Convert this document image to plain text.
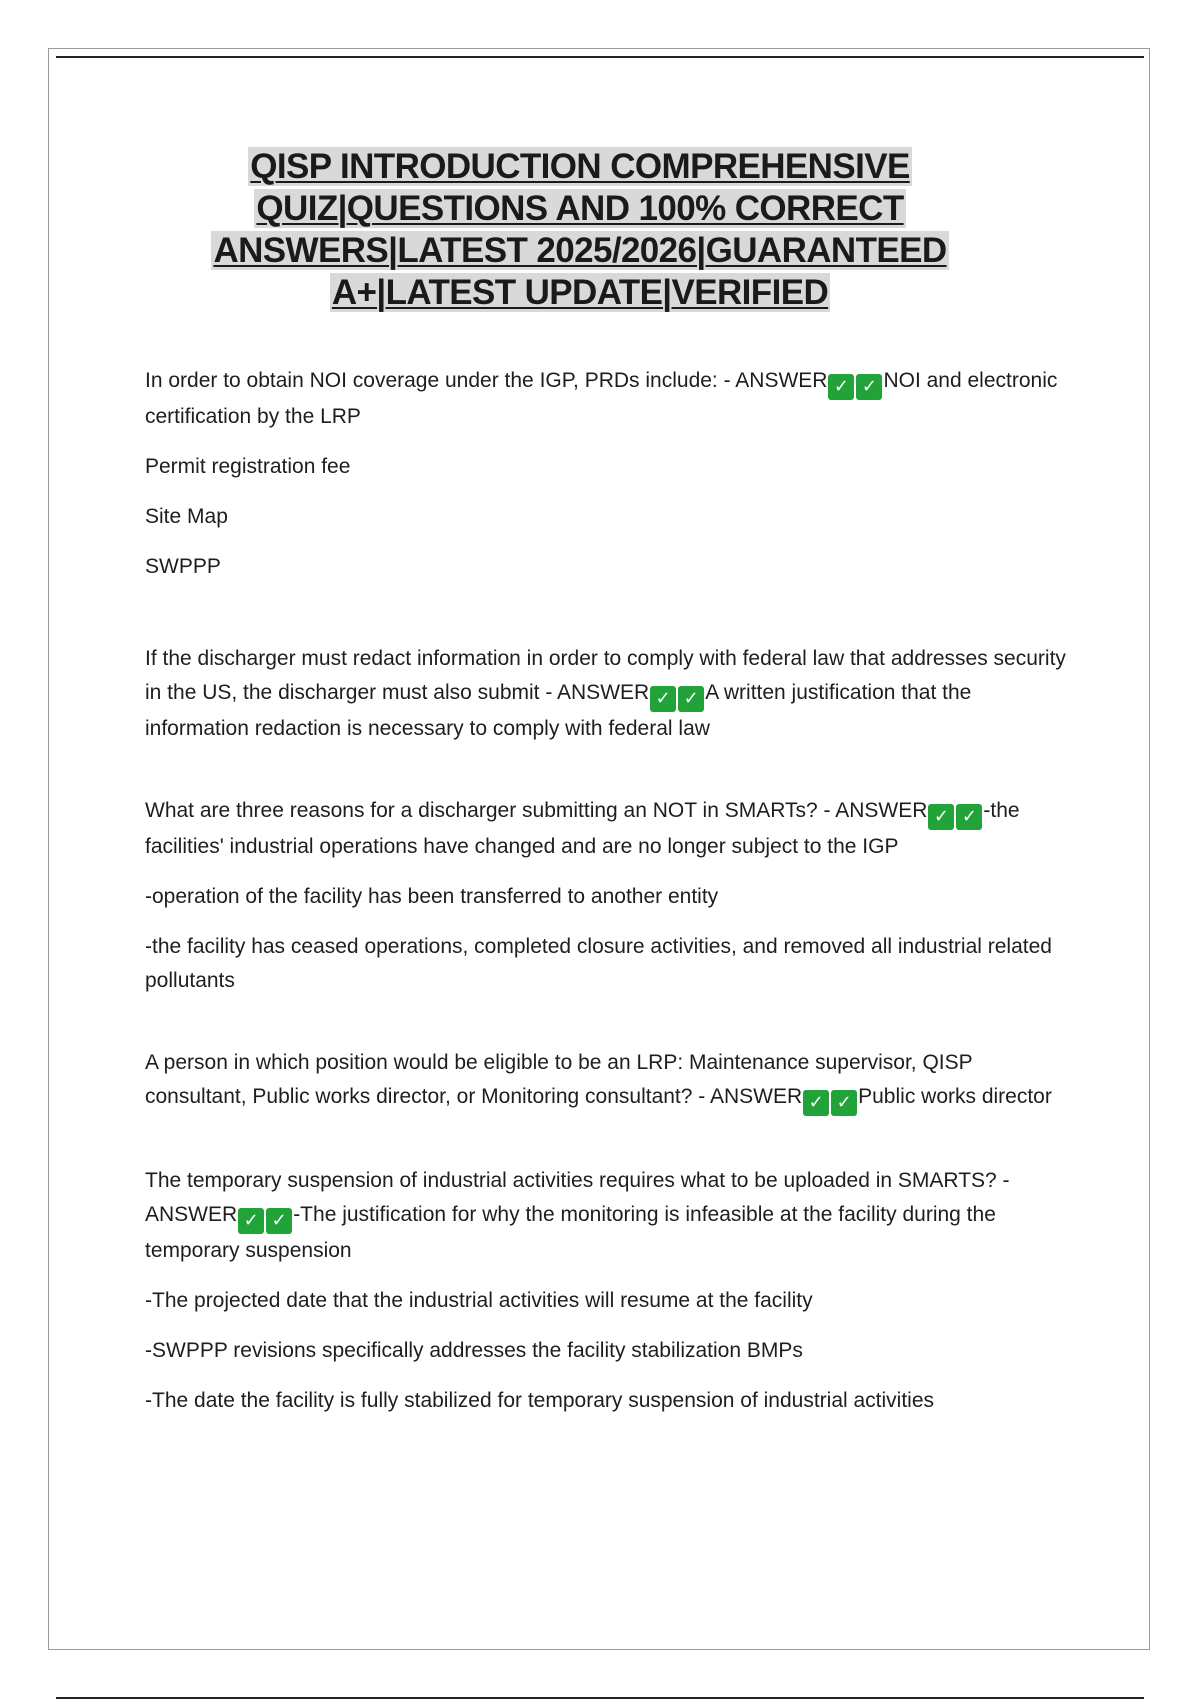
QISP INTRODUCTION COMPREHENSIVE
QUIZ|QUESTIONS AND 100% CORRECT
ANSWERS|LATEST 2025/2026|GUARANTEED
A+|LATEST UPDATE|VERIFIED

In order to obtain NOI coverage under the IGP, PRDs include: - ANSWER ✓ ✓ NOI and electronic certification by the LRP

Permit registration fee

Site Map

SWPPP

If the discharger must redact information in order to comply with federal law that addresses security in the US, the discharger must also submit - ANSWER ✓ ✓ A written justification that the information redaction is necessary to comply with federal law

What are three reasons for a discharger submitting an NOT in SMARTs? - ANSWER ✓ ✓ -the facilities' industrial operations have changed and are no longer subject to the IGP

-operation of the facility has been transferred to another entity

-the facility has ceased operations, completed closure activities, and removed all industrial related pollutants

A person in which position would be eligible to be an LRP: Maintenance supervisor, QISP consultant, Public works director, or Monitoring consultant? - ANSWER ✓ ✓ Public works director

The temporary suspension of industrial activities requires what to be uploaded in SMARTS? - ANSWER ✓ ✓ -The justification for why the monitoring is infeasible at the facility during the temporary suspension

-The projected date that the industrial activities will resume at the facility

-SWPPP revisions specifically addresses the facility stabilization BMPs

-The date the facility is fully stabilized for temporary suspension of industrial activities
